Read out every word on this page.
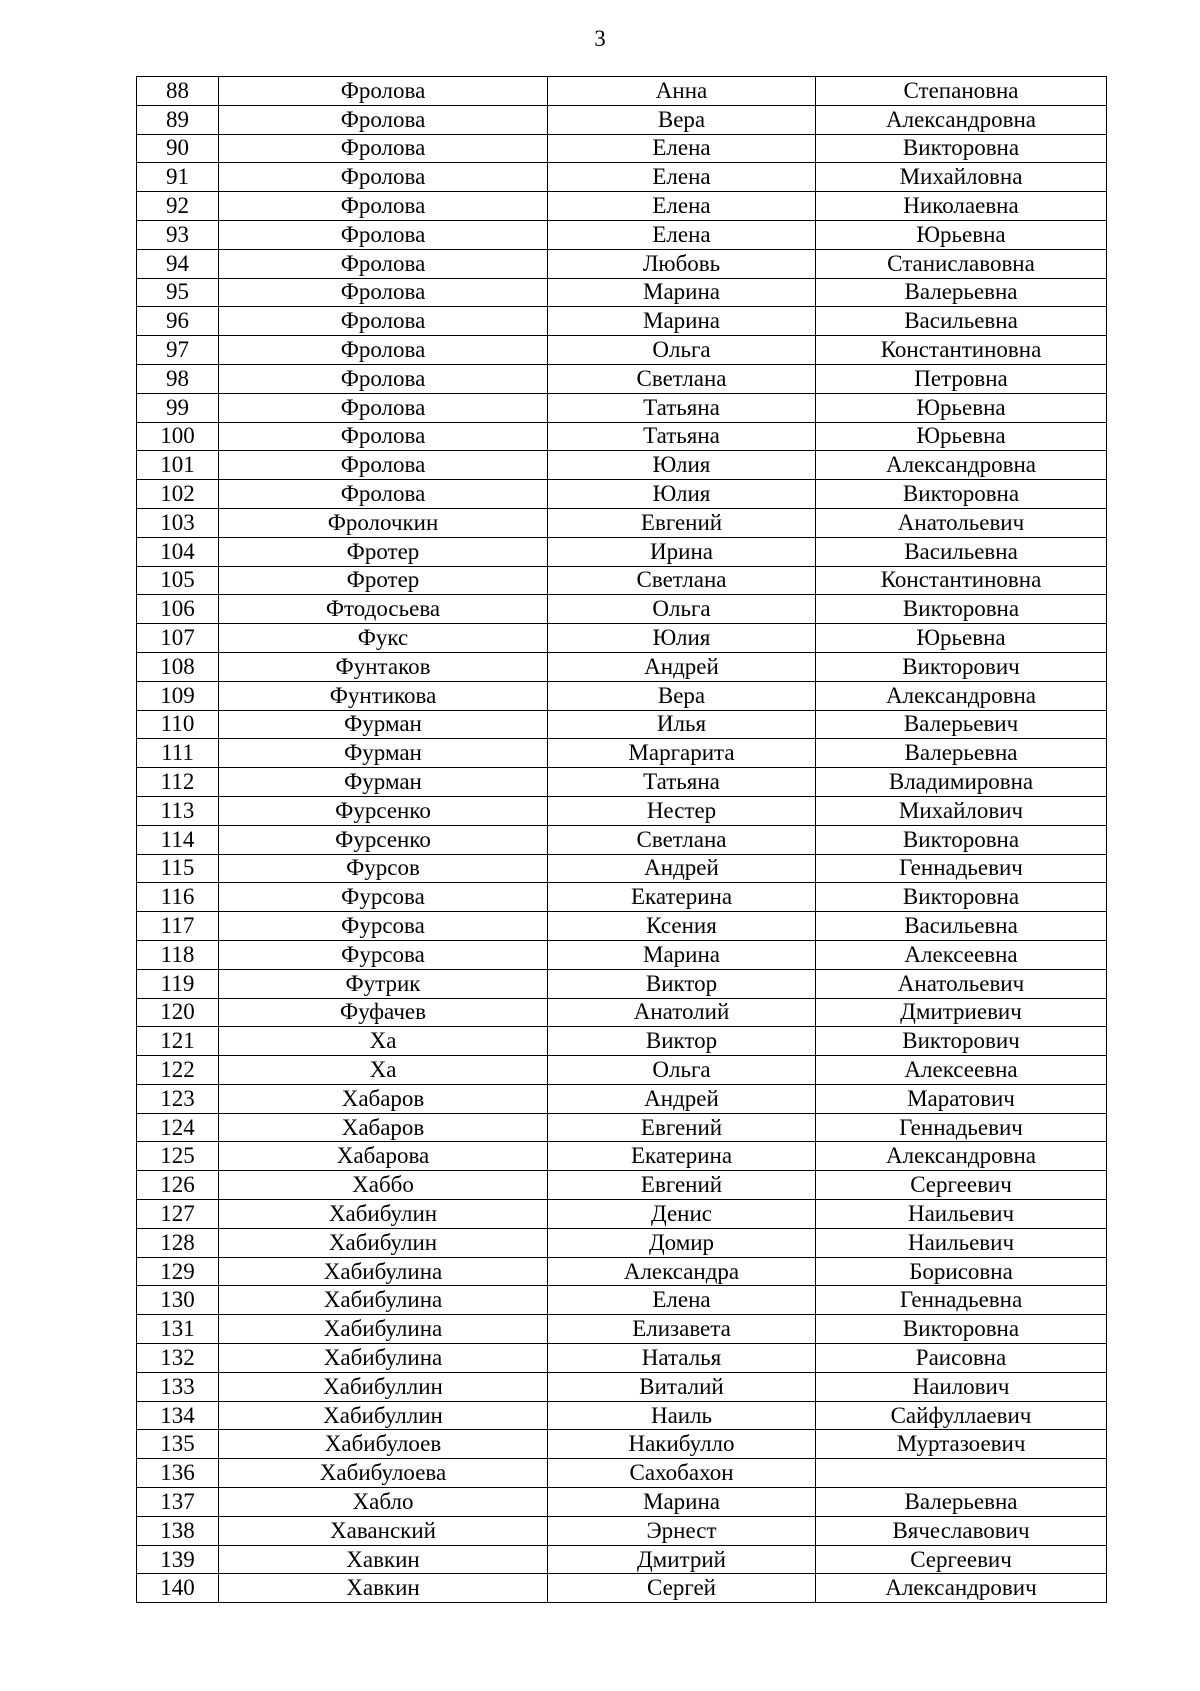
3
88	Фролова	Анна	Степановна
89	Фролова	Вера	Александровна
90	Фролова	Елена	Викторовна
91	Фролова	Елена	Михайловна
92	Фролова	Елена	Николаевна
93	Фролова	Елена	Юрьевна
94	Фролова	Любовь	Станиславовна
95	Фролова	Марина	Валерьевна
96	Фролова	Марина	Васильевна
97	Фролова	Ольга	Константиновна
98	Фролова	Светлана	Петровна
99	Фролова	Татьяна	Юрьевна
100	Фролова	Татьяна	Юрьевна
101	Фролова	Юлия	Александровна
102	Фролова	Юлия	Викторовна
103	Фролочкин	Евгений	Анатольевич
104	Фротер	Ирина	Васильевна
105	Фротер	Светлана	Константиновна
106	Фтодосьева	Ольга	Викторовна
107	Фукс	Юлия	Юрьевна
108	Фунтаков	Андрей	Викторович
109	Фунтикова	Вера	Александровна
110	Фурман	Илья	Валерьевич
111	Фурман	Маргарита	Валерьевна
112	Фурман	Татьяна	Владимировна
113	Фурсенко	Нестер	Михайлович
114	Фурсенко	Светлана	Викторовна
115	Фурсов	Андрей	Геннадьевич
116	Фурсова	Екатерина	Викторовна
117	Фурсова	Ксения	Васильевна
118	Фурсова	Марина	Алексеевна
119	Футрик	Виктор	Анатольевич
120	Фуфачев	Анатолий	Дмитриевич
121	Ха	Виктор	Викторович
122	Ха	Ольга	Алексеевна
123	Хабаров	Андрей	Маратович
124	Хабаров	Евгений	Геннадьевич
125	Хабарова	Екатерина	Александровна
126	Хаббо	Евгений	Сергеевич
127	Хабибулин	Денис	Наильевич
128	Хабибулин	Домир	Наильевич
129	Хабибулина	Александра	Борисовна
130	Хабибулина	Елена	Геннадьевна
131	Хабибулина	Елизавета	Викторовна
132	Хабибулина	Наталья	Раисовна
133	Хабибуллин	Виталий	Наилович
134	Хабибуллин	Наиль	Сайфуллаевич
135	Хабибулоев	Накибулло	Муртазоевич
136	Хабибулоева	Сахобахон	
137	Хабло	Марина	Валерьевна
138	Хаванский	Эрнест	Вячеславович
139	Хавкин	Дмитрий	Сергеевич
140	Хавкин	Сергей	Александрович
